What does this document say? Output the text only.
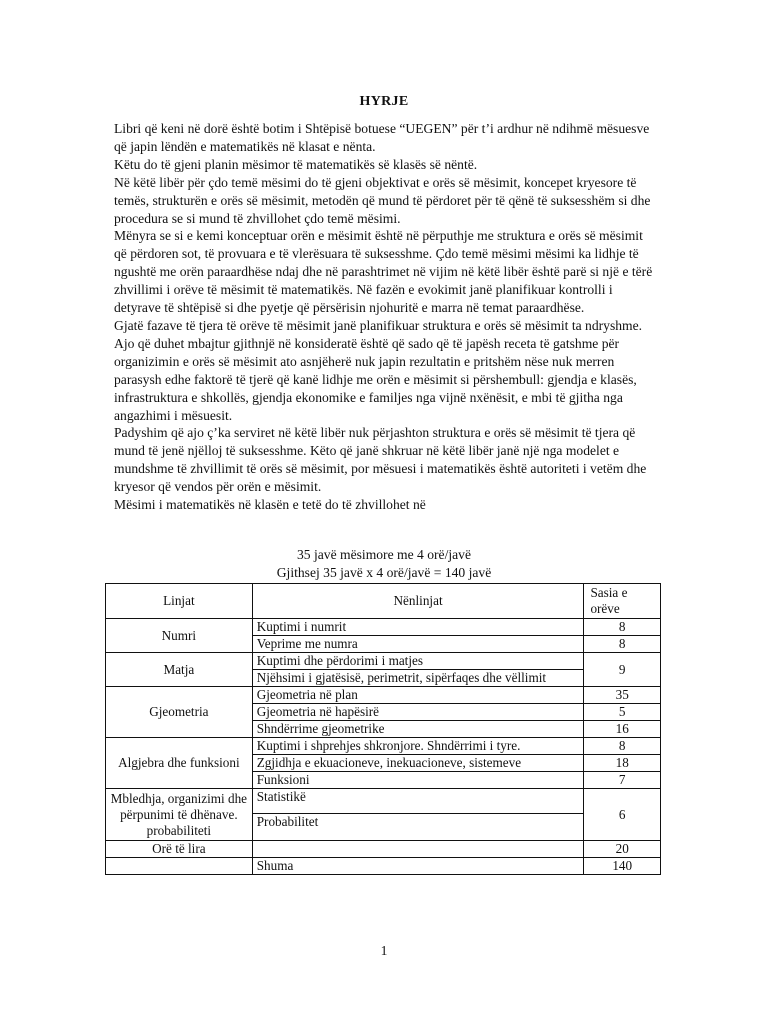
HYRJE

Libri që keni në dorë është botim i Shtëpisë botuese “UEGEN” për t’i ardhur në ndihmë mësuesve që japin lëndën e matematikës në klasat e nënta.

Këtu do të gjeni planin mësimor të matematikës së klasës së nëntë.

Në këtë libër për çdo temë mësimi do të gjeni objektivat e orës së mësimit, koncepet kryesore të temës, strukturën e orës së mësimit, metodën që mund të përdoret për të qënë të suksesshëm si dhe procedura se si mund të zhvillohet çdo temë mësimi.

Mënyra se si e kemi konceptuar orën e mësimit është në përputhje me struktura e orës së mësimit që përdoren sot, të provuara e të vlerësuara të suksesshme. Çdo temë mësimi mësimi ka lidhje të ngushtë me orën paraardhëse ndaj dhe në parashtrimet në vijim në këtë libër është parë si një e tërë zhvillimi i orëve të mësimit të matematikës. Në fazën e evokimit janë planifikuar kontrolli i detyrave të shtëpisë si dhe pyetje që përsërisin njohuritë e marra në temat paraardhëse.

Gjatë fazave të tjera të orëve të mësimit janë planifikuar struktura e orës së mësimit ta ndryshme.

Ajo që duhet mbajtur gjithnjë në konsideratë është që sado që të japësh receta të gatshme për organizimin e orës së mësimit ato asnjëherë nuk japin rezultatin e pritshëm nëse nuk merren parasysh edhe faktorë të tjerë që kanë lidhje me orën e mësimit si përshembull: gjendja e klasës, infrastruktura e shkollës, gjendja ekonomike e familjes nga vijnë nxënësit, e mbi të gjitha nga angazhimi i mësuesit.

Padyshim që ajo ç’ka serviret në këtë libër nuk përjashton struktura e orës së mësimit të tjera që mund të jenë njëlloj të suksesshme. Këto që janë shkruar në këtë libër janë një nga modelet e mundshme të zhvillimit të orës së mësimit, por mësuesi i matematikës është autoriteti i vetëm dhe kryesor që vendos për orën e mësimit.

Mësimi i matematikës në klasën e tetë do të zhvillohet në

35 javë mësimore me 4 orë/javë
Gjithsej 35 javë x 4 orë/javë = 140 javë
Linjat	Nënlinjat	Sasia e orëve
Numri	Kuptimi i numrit	8
	Veprime me numra	8
Matja	Kuptimi dhe përdorimi i matjes	9
	Njëhsimi i gjatësisë, perimetrit, sipërfaqes dhe vëllimit	
Gjeometria	Gjeometria në plan	35
	Gjeometria në hapësirë	5
	Shndërrime gjeometrike	16
Algjebra dhe funksioni	Kuptimi i shprehjes shkronjore. Shndërrimi i tyre.	8
	Zgjidhja e ekuacioneve, inekuacioneve, sistemeve	18
	Funksioni	7
Mbledhja, organizimi dhe përpunimi të dhënave. probabiliteti	Statistikë	6
	Probabilitet	
Orë të lira		20
	Shuma	140
1
